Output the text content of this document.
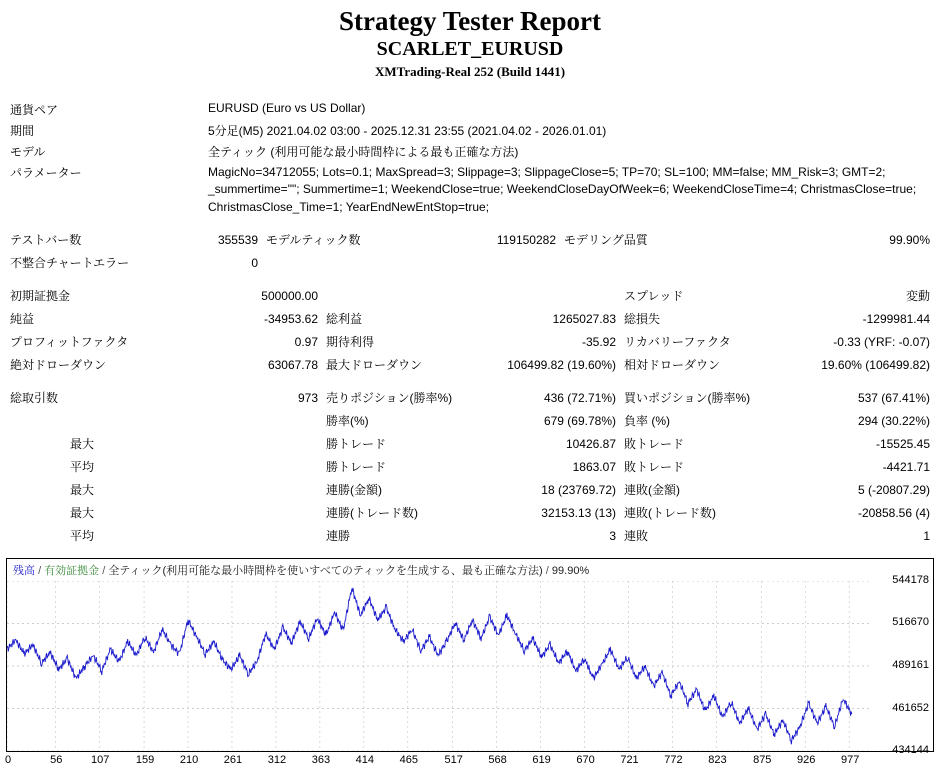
Strategy Tester Report
SCARLET_EURUSD
XMTrading-Real 252 (Build 1441)
通貨ペア	EURUSD (Euro vs US Dollar)
期間	5分足(M5) 2021.04.02 03:00 - 2025.12.31 23:55 (2021.04.02 - 2026.01.01)
モデル	全ティック (利用可能な最小時間枠による最も正確な方法)
パラメーター	MagicNo=34712055; Lots=0.1; MaxSpread=3; Slippage=3; SlippageClose=5; TP=70; SL=100; MM=false; MM_Risk=3; GMT=2; _summertime=""; Summertime=1; WeekendClose=true; WeekendCloseDayOfWeek=6; WeekendCloseTime=4; ChristmasClose=true; ChristmasClose_Time=1; YearEndNewEntStop=true;
テストバー数	355539	モデルティック数	119150282	モデリング品質	99.90%
不整合チャートエラー	0				
初期証拠金	500000.00			スプレッド	変動
純益	-34953.62	総利益	1265027.83	総損失	-1299981.44
プロフィットファクタ	0.97	期待利得	-35.92	リカバリーファクタ	-0.33 (YRF: -0.07)
絶対ドローダウン	63067.78	最大ドローダウン	106499.82 (19.60%)	相対ドローダウン	19.60% (106499.82)

総取引数	973	売りポジション(勝率%)	436 (72.71%)	買いポジション(勝率%)	537 (67.41%)
		勝率(%)	679 (69.78%)	負率 (%)	294 (30.22%)
最大		勝トレード	10426.87	敗トレード	-15525.45
平均		勝トレード	1863.07	敗トレード	-4421.71
最大		連勝(金額)	18 (23769.72)	連敗(金額)	5 (-20807.29)
最大		連勝(トレード数)	32153.13 (13)	連敗(トレード数)	-20858.56 (4)
平均		連勝	3	連敗	1
残高 / 有効証拠金 / 全ティック(利用可能な最小時間枠を使いすべてのティックを生成する、最も正確な方法) / 99.90%
434144
461652
489161
516670
544178
0	56	107 159 210 261 312 363 414 465 517 568 619 670 721 772 823 875 926 977
